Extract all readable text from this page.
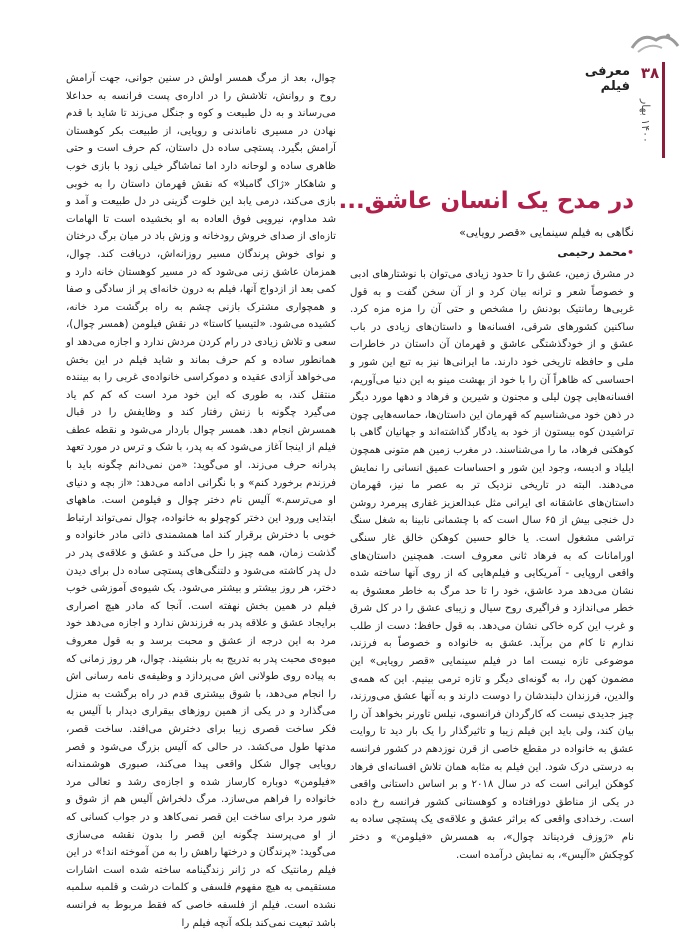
۳۸
۱۴۰۰ بهار
معرفی فیلم
در مدح یک انسان عاشق...
نگاهی به فیلم سینمایی «قصر رویایی»
•محمد رحیمی

در مشرق زمین، عشق را تا حدود زیادی می‌توان با نوشتارهای ادبی و خصوصاً شعر و ترانه بیان کرد و از آن سخن گفت و به قول غربی‌ها رمانتیک بودنش را مشخص و حتی آن را مزه مزه کرد. ساکنین کشورهای شرقی، افسانه‌ها و داستان‌های زیادی در باب عشق و از خودگذشتگی عاشق و قهرمان آن داستان در خاطرات ملی و حافظه تاریخی خود دارند. ما ایرانی‌ها نیز به تبع این شور و احساسی که ظاهراً آن را با خود از بهشت مینو به این دنیا می‌آوریم، افسانه‌هایی چون لیلی و مجنون و شیرین و فرهاد و دهها مورد دیگر در ذهن خود می‌شناسیم که قهرمان این داستان‌ها، حماسه‌هایی چون تراشیدن کوه بیستون از خود به یادگار گذاشته‌اند و جهانیان گاهی با کوهکنی فرهاد، ما را می‌شناسند. در مغرب زمین هم متونی همچون ایلیاد و ادیسه، وجود این شور و احساسات عمیق انسانی را نمایش می‌دهند. البته در تاریخی نزدیک تر به عصر ما نیز، قهرمان داستان‌های عاشقانه ای ایرانی مثل عبدالعزیز غفاری پیرمرد روشن دل خنجی بیش از ۶۵ سال است که با چشمانی نابینا به شغل سنگ تراشی مشغول است. یا خالو حسین کوهکن خالق غار سنگی اورامانات که به فرهاد ثانی معروف است. همچنین داستان‌های واقعی اروپایی - آمریکایی و فیلم‌هایی که از روی آنها ساخته شده نشان می‌دهد مرد عاشق، خود را تا حد مرگ به خاطر معشوق به خطر می‌اندازد و فراگیری روح سیال و زیبای عشق را در کل شرق و غرب این کره خاکی نشان می‌دهد. به قول حافظ: دست از طلب ندارم تا کام من برآید. عشق به خانواده و خصوصاً به فرزند، موضوعی تازه نیست اما در فیلم سینمایی «قصر رویایی» این مضمون کهن را، به گونه‌ای دیگر و تازه ترمی بینیم. این که همه‌ی والدین، فرزندان دلبندشان را دوست دارند و به آنها عشق می‌ورزند، چیز جدیدی نیست که کارگردان فرانسوی، نیلس تاورنر بخواهد آن را بیان کند، ولی باید این فیلم زیبا و تاثیرگذار را یک بار دید تا روایت عشق به خانواده در مقطع خاصی از قرن نوزدهم در کشور فرانسه به درستی درک شود. این فیلم به مثابه همان تلاش افسانه‌ای فرهاد کوهکن ایرانی است که در سال ۲۰۱۸ و بر اساس داستانی واقعی در یکی از مناطق دورافتاده و کوهستانی کشور فرانسه رخ داده است. رخدادی واقعی که براثر عشق و علاقه‌ی یک پستچی ساده به نام «ژوزف فردیناند چوال»، به همسرش «فیلومن» و دختر کوچکش «آلیس»، به نمایش درآمده است.

چوال، بعد از مرگ همسر اولش در سنین جوانی، جهت آرامش روح و روانش، تلاشش را در اداره‌ی پست فرانسه به حداعلا می‌رساند و به دل طبیعت و کوه و جنگل می‌زند تا شاید با قدم نهادن در مسیری ناماندنی و رویایی، از طبیعت بکر کوهستان آرامش بگیرد. پستچی ساده دل داستان، کم حرف است و حتی ظاهری ساده و لوحانه دارد اما تماشاگر خیلی زود با بازی خوب و شاهکار «ژاک گامبلا» که نقش قهرمان داستان را به خوبی بازی می‌کند، درمی یابد این خلوت گزینی در دل طبیعت و آمد و شد مداوم، نیرویی فوق العاده به او بخشیده است تا الهامات تازه‌ای از صدای خروش رودخانه و وزش باد در میان برگ درختان و نوای خوش پرندگان مسیر روزانه‌اش، دریافت کند. چوال، همزمان عاشق زنی می‌شود که در مسیر کوهستان خانه دارد و کمی بعد از ازدواج آنها، فیلم به درون خانه‌ای پر از سادگی و صفا و همچواری مشترک بازنی چشم به راه برگشت مرد خانه، کشیده می‌شود. «لتیسیا کاستا» در نقش فیلومن (همسر چوال)، سعی و تلاش زیادی در رام کردن مردش ندارد و اجازه می‌دهد او همانطور ساده و کم حرف بماند و شاید فیلم در این بخش می‌خواهد آزادی عقیده و دموکراسی خانواده‌ی غربی را به بیننده منتقل کند، به طوری که این خود مرد است که کم کم یاد می‌گیرد چگونه با زنش رفتار کند و وظایفش را در قبال همسرش انجام دهد. همسر چوال باردار می‌شود و نقطه عطف فیلم از اینجا آغاز می‌شود که به پدر، با شک و ترس در مورد تعهد پدرانه حرف می‌زند. او می‌گوید: «من نمی‌دانم چگونه باید با فرزندم برخورد کنم» و با نگرانی ادامه می‌دهد: «از بچه و دنیای او می‌ترسم.» آلیس نام دختر چوال و فیلومن است. ماههای ابتدایی ورود این دختر کوچولو به خانواده، چوال نمی‌تواند ارتباط خوبی با دخترش برقرار کند اما همشمندی ذاتی مادر خانواده و گذشت زمان، همه چیز را حل می‌کند و عشق و علاقه‌ی پدر در دل پدر کاشته می‌شود و دلتنگی‌های پستچی ساده دل برای دیدن دختر، هر روز بیشتر و بیشتر می‌شود. یک شیوه‌ی آموزشی خوب فیلم در همین بخش نهفته است. آنجا که مادر هیچ اصراری برایجاد عشق و علاقه پدر به فرزندش ندارد و اجازه می‌دهد خود مرد به این درجه از عشق و محبت برسد و به قول معروف میوه‌ی محبت پدر به تدریج به بار بنشیند. چوال، هر روز زمانی که به پیاده روی طولانی اش می‌پردازد و وظیفه‌ی نامه رسانی اش را انجام می‌دهد، با شوق بیشتری قدم در راه برگشت به منزل می‌گذارد و در یکی از همین روزهای بیقراری دیدار با آلیس به فکر ساخت قصری زیبا برای دخترش می‌افتد. ساخت قصر، مدتها طول می‌کشد. در حالی که آلیس بزرگ می‌شود و قصر رویایی چوال شکل واقعی پیدا می‌کند، صبوری هوشمندانه «فیلومن» دوباره کارساز شده و اجازه‌ی رشد و تعالی مرد خانواده را فراهم می‌سازد. مرگ دلخراش آلیس هم از شوق و شور مرد برای ساخت این قصر نمی‌کاهد و در جواب کسانی که از او می‌پرسند چگونه این قصر را بدون نقشه می‌سازی می‌گوید: «پرندگان و درختها راهش را به من آموخته اند!» در این فیلم رمانتیک که در ژانر زندگینامه ساخته شده است اشارات مستقیمی به هیچ مفهوم فلسفی و کلمات درشت و قلمبه سلمبه نشده است. فیلم از فلسفه خاصی که فقط مربوط به فرانسه باشد تبعیت نمی‌کند بلکه آنچه فیلم را
